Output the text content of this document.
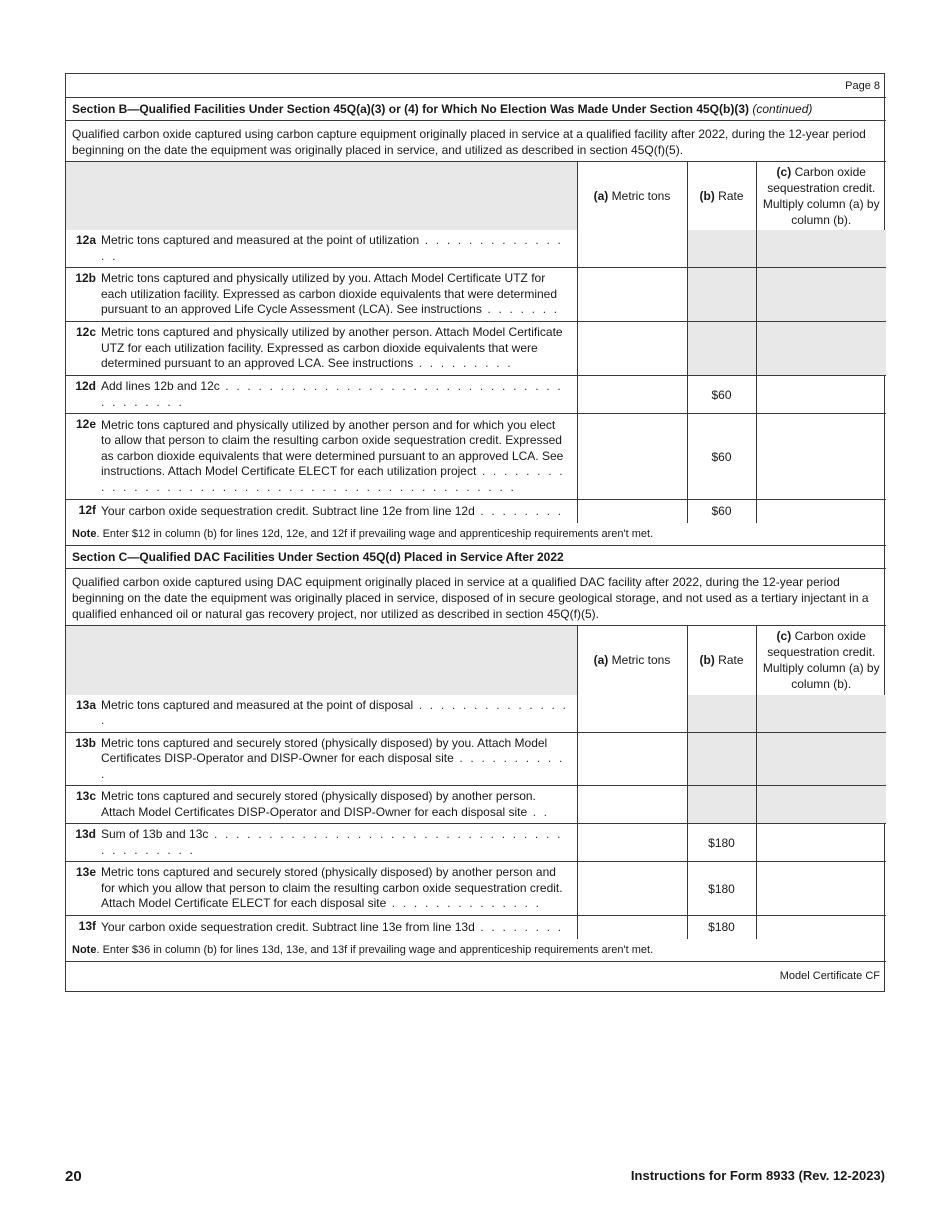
Page 8				
Section B—Qualified Facilities Under Section 45Q(a)(3) or (4) for Which No Election Was Made Under Section 45Q(b)(3) (continued)				
Qualified carbon oxide captured using carbon capture equipment originally placed in service at a qualified facility after 2022, during the 12-year period beginning on the date the equipment was originally placed in service, and utilized as described in section 45Q(f)(5).				
		(a) Metric tons	(b) Rate	(c) Carbon oxide sequestration credit. Multiply column (a) by column (b).
12a	Metric tons captured and measured at the point of utilization . . . . . . . . . . . . . . .			
12b	Metric tons captured and physically utilized by you. Attach Model Certificate UTZ for each utilization facility. Expressed as carbon dioxide equivalents that were determined pursuant to an approved Life Cycle Assessment (LCA). See instructions . . . . . . .			
12c	Metric tons captured and physically utilized by another person. Attach Model Certificate UTZ for each utilization facility. Expressed as carbon dioxide equivalents that were determined pursuant to an approved LCA. See instructions . . . . . . . . .			
12d	Add lines 12b and 12c . . . . . . . . . . . . . . . . . . . . . . . . . . . . . . . . . . . . . . .		$60	
12e	Metric tons captured and physically utilized by another person and for which you elect to allow that person to claim the resulting carbon oxide sequestration credit. Expressed as carbon dioxide equivalents that were determined pursuant to an approved LCA. See instructions. Attach Model Certificate ELECT for each utilization project . . . . . . . . . . . . . . . . . . . . . . . . . . . . . . . . . . . . . . . . . . . . . .		$60	
12f	Your carbon oxide sequestration credit. Subtract line 12e from line 12d . . . . . . . .		$60	
Note. Enter $12 in column (b) for lines 12d, 12e, and 12f if prevailing wage and apprenticeship requirements aren't met.				
Section C—Qualified DAC Facilities Under Section 45Q(d) Placed in Service After 2022				
Qualified carbon oxide captured using DAC equipment originally placed in service at a qualified DAC facility after 2022, during the 12-year period beginning on the date the equipment was originally placed in service, disposed of in secure geological storage, and not used as a tertiary injectant in a qualified enhanced oil or natural gas recovery project, nor utilized as described in section 45Q(f)(5).				
		(a) Metric tons	(b) Rate	(c) Carbon oxide sequestration credit. Multiply column (a) by column (b).
13a	Metric tons captured and measured at the point of disposal . . . . . . . . . . . . . . .			
13b	Metric tons captured and securely stored (physically disposed) by you. Attach Model Certificates DISP-Operator and DISP-Owner for each disposal site . . . . . . . . . . .			
13c	Metric tons captured and securely stored (physically disposed) by another person. Attach Model Certificates DISP-Operator and DISP-Owner for each disposal site . .			
13d	Sum of 13b and 13c . . . . . . . . . . . . . . . . . . . . . . . . . . . . . . . . . . . . . . . . .		$180	
13e	Metric tons captured and securely stored (physically disposed) by another person and for which you allow that person to claim the resulting carbon oxide sequestration credit. Attach Model Certificate ELECT for each disposal site . . . . . . . . . . . . . .		$180	
13f	Your carbon oxide sequestration credit. Subtract line 13e from line 13d . . . . . . . .		$180	
Note. Enter $36 in column (b) for lines 13d, 13e, and 13f if prevailing wage and apprenticeship requirements aren't met.				
Model Certificate CF				
20	Instructions for Form 8933 (Rev. 12-2023)
